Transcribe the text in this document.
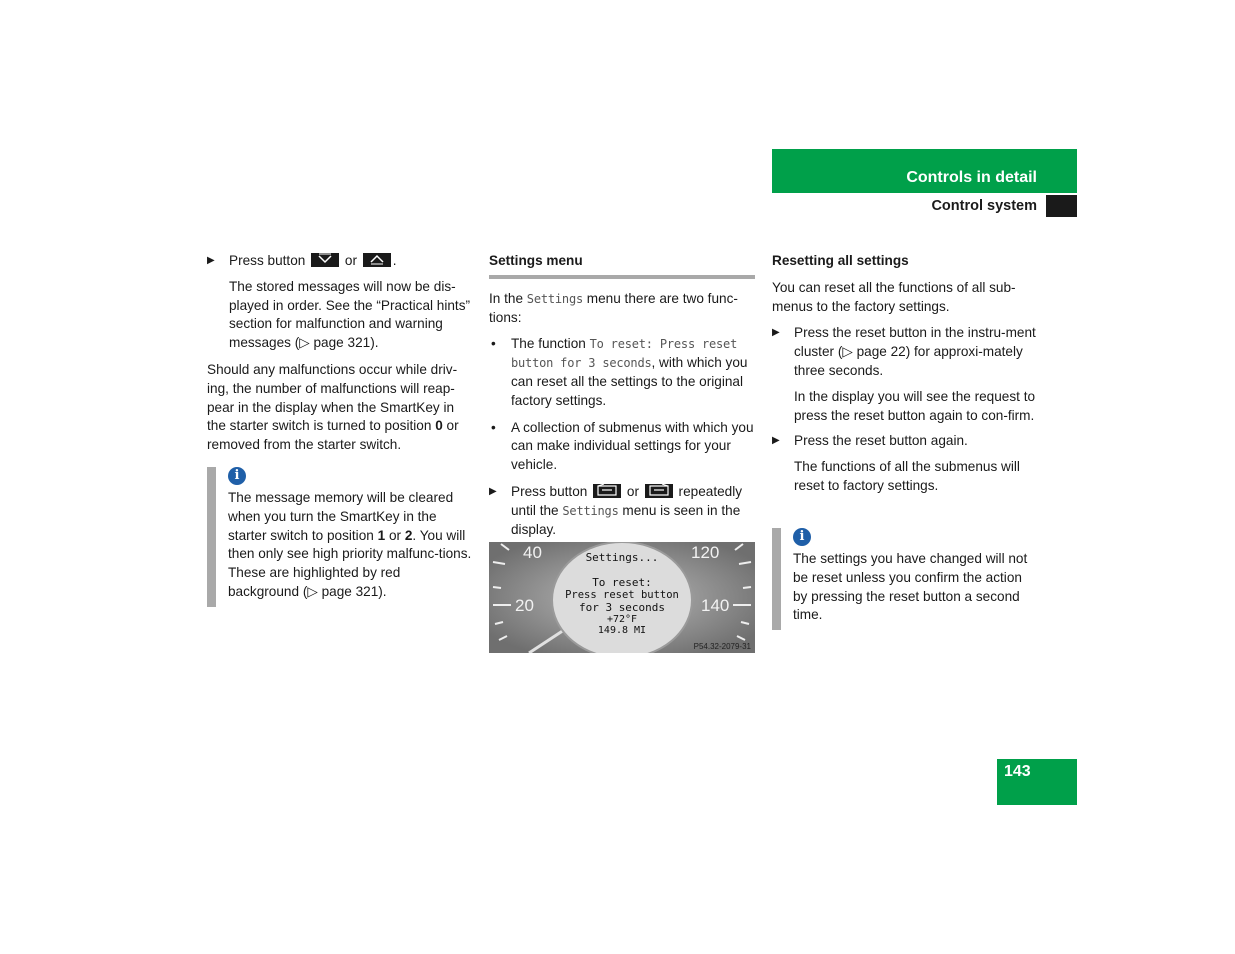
Controls in detail
Control system
▶ Press button	or	.

The stored messages will now be dis-played in order. See the “Practical hints” section for malfunction and warning messages (▷ page 321).

Should any malfunctions occur while driv-ing, the number of malfunctions will reap-pear in the display when the SmartKey in the starter switch is turned to position 0 or removed from the starter switch.

i

The message memory will be cleared when you turn the SmartKey in the starter switch to position 1 or 2. You will then only see high priority malfunc-tions. These are highlighted by red background (▷ page 321).

Settings menu

In the Settings menu there are two func-tions:

• The function To reset: Press reset button for 3 seconds, with which you can reset all the settings to the original factory settings.
• A collection of submenus with which you can make individual settings for your vehicle.
▶ Press button	or	repeatedly until the Settings menu is seen in the display.
40
20
120
140
Settings...
To reset:
Press reset button
for 3 seconds
+72°F
149.8 MI
P54.32-2079-31
Resetting all settings

You can reset all the functions of all sub-menus to the factory settings.

▶ Press the reset button in the instru-ment cluster (▷ page 22) for approxi-mately three seconds.

In the display you will see the request to press the reset button again to con-firm.

▶ Press the reset button again.

The functions of all the submenus will reset to factory settings.

i

The settings you have changed will not be reset unless you confirm the action by pressing the reset button a second time.

143
